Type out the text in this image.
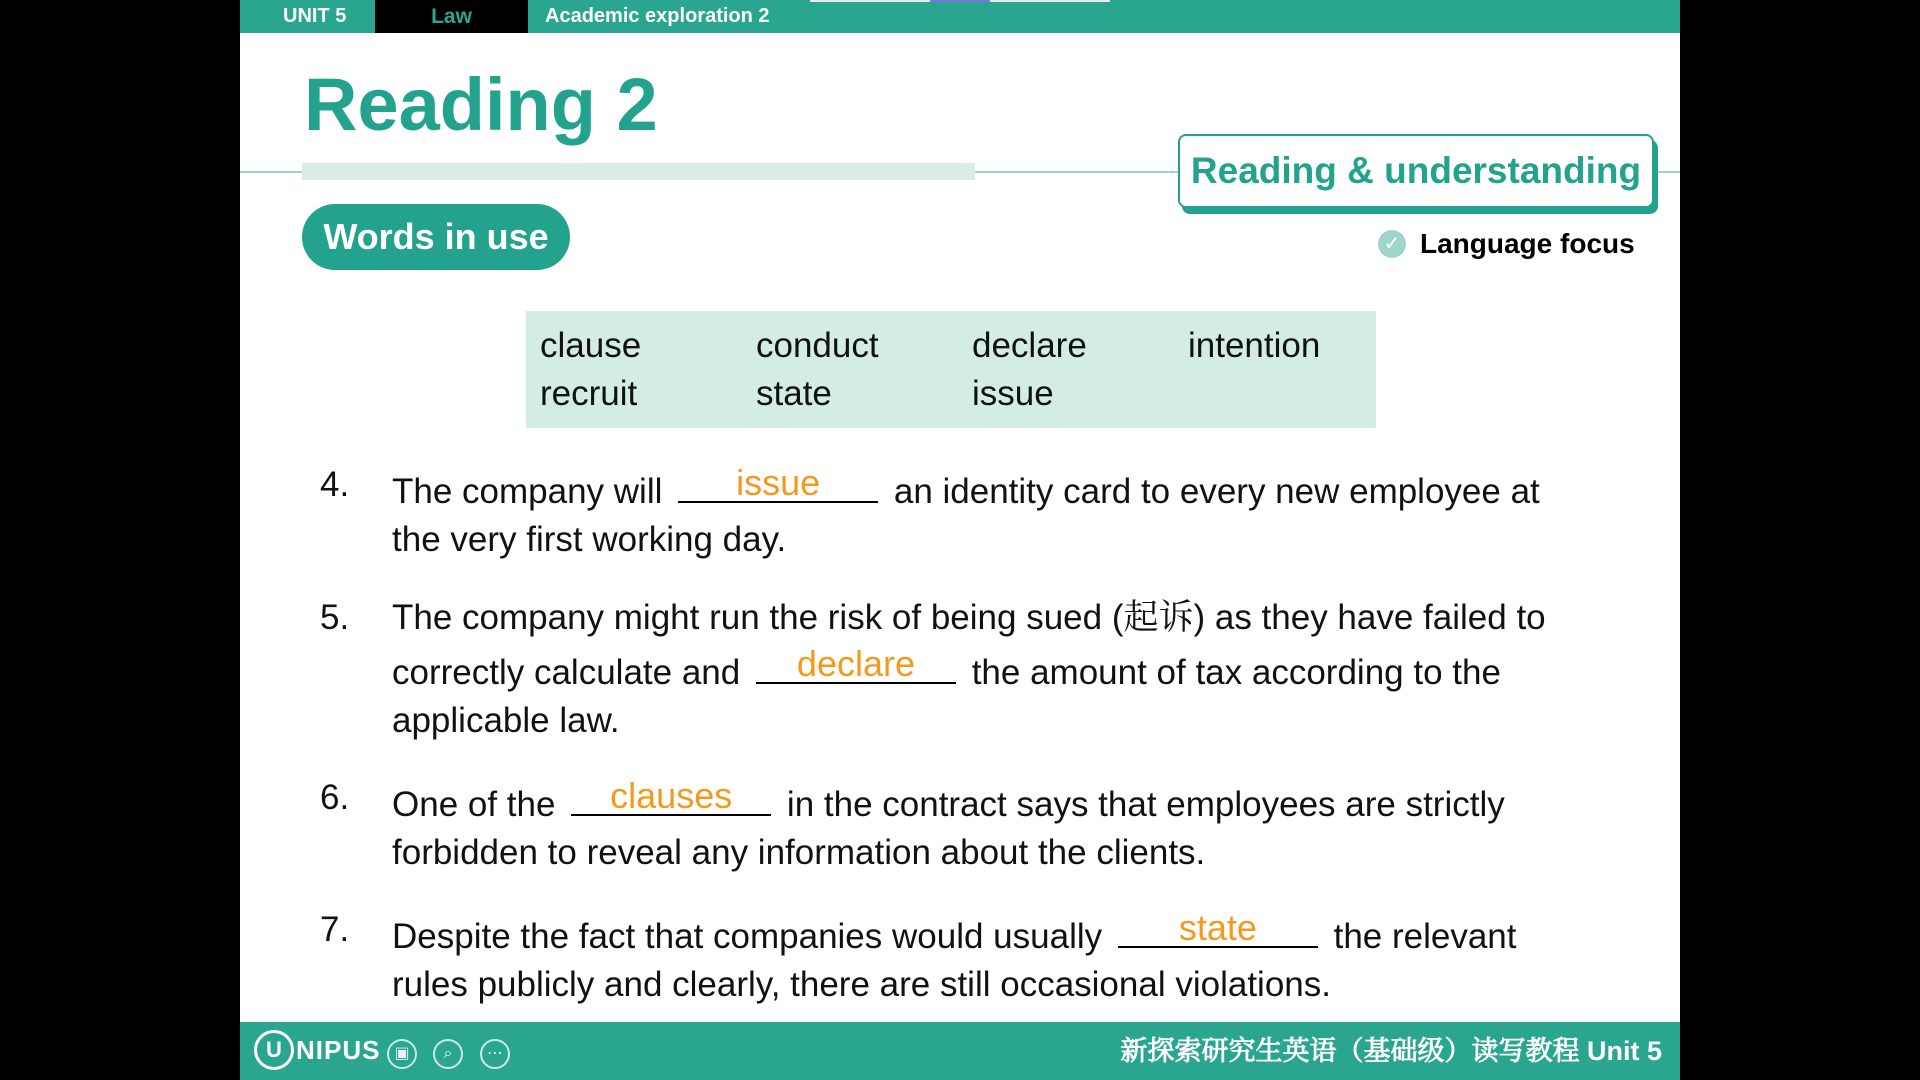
UNIT 5	Law	Academic exploration 2
Reading 2
Reading & understanding
✓ Language focus
Words in use
clause	conduct	declare	intention
recruit	state	issue
4.	The company will	issue	an identity card to every new employee at
the very first working day.
5.	The company might run the risk of being sued (起诉) as they have failed to
correctly calculate and	declare	the amount of tax according to the
applicable law.
6.	One of the	clauses	in the contract says that employees are strictly
forbidden to reveal any information about the clients.
7.	Despite the fact that companies would usually	state	the relevant
rules publicly and clearly, there are still occasional violations.
U NIPUS ▣	⌕	⋯	新探索研究生英语（基础级）读写教程 Unit 5
